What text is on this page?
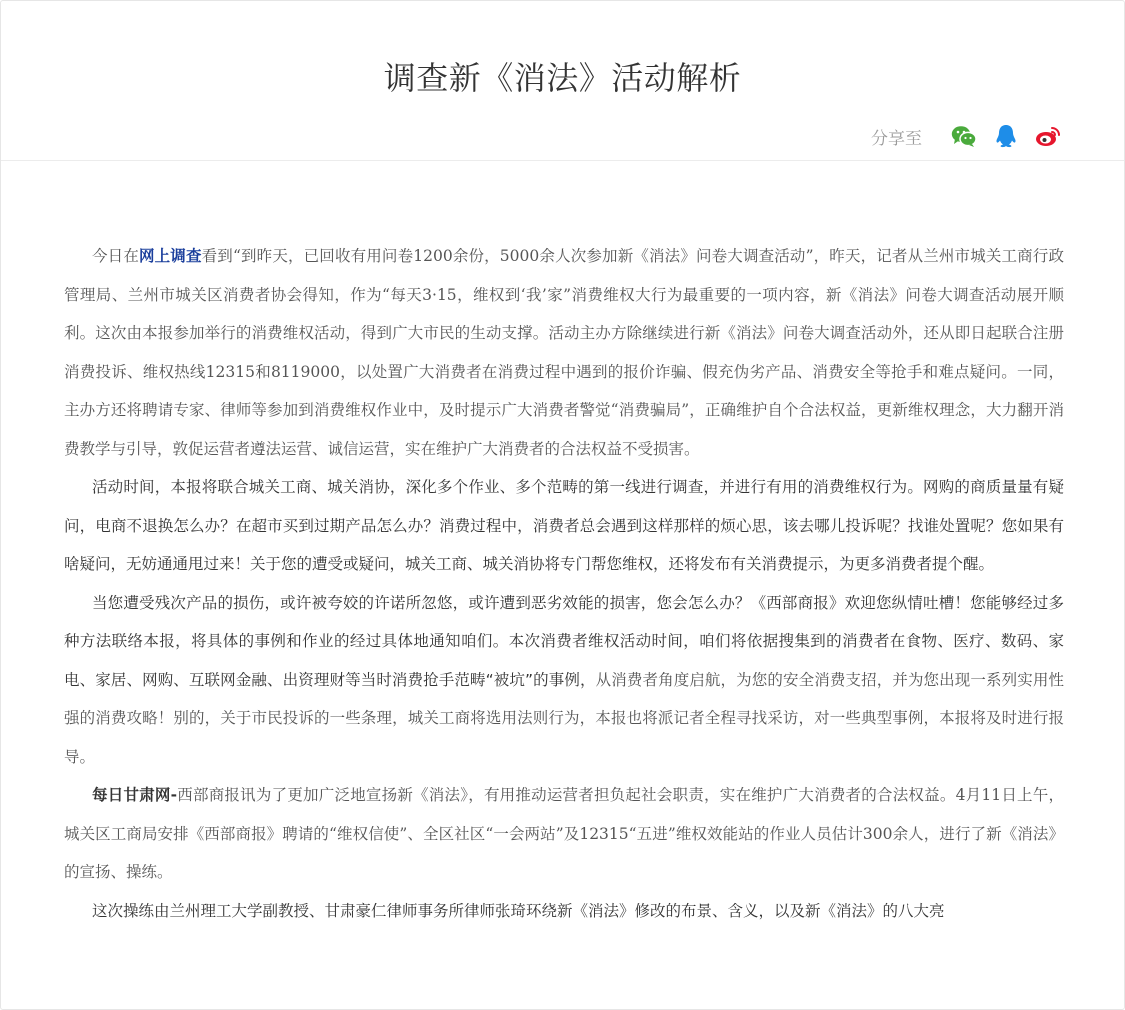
调查新《消法》活动解析
分享至

今日在网上调查看到“到昨天，已回收有用问卷1200余份，5000余人次参加新《消法》问卷大调查活动”，昨天，记者从兰州市城关工商行政管理局、兰州市城关区消费者协会得知，作为“每天3·15，维权到‘我’家”消费维权大行为最重要的一项内容，新《消法》问卷大调查活动展开顺利。这次由本报参加举行的消费维权活动，得到广大市民的生动支撑。活动主办方除继续进行新《消法》问卷大调查活动外，还从即日起联合注册消费投诉、维权热线12315和8119000，以处置广大消费者在消费过程中遇到的报价诈骗、假充伪劣产品、消费安全等抢手和难点疑问。一同，主办方还将聘请专家、律师等参加到消费维权作业中，及时提示广大消费者警觉“消费骗局”，正确维护自个合法权益，更新维权理念，大力翻开消费教学与引导，敦促运营者遵法运营、诚信运营，实在维护广大消费者的合法权益不受损害。

活动时间，本报将联合城关工商、城关消协，深化多个作业、多个范畴的第一线进行调查，并进行有用的消费维权行为。网购的商质量量有疑问，电商不退换怎么办？在超市买到过期产品怎么办？消费过程中，消费者总会遇到这样那样的烦心思，该去哪儿投诉呢？找谁处置呢？您如果有啥疑问，无妨通通甩过来！关于您的遭受或疑问，城关工商、城关消协将专门帮您维权，还将发布有关消费提示，为更多消费者提个醒。

当您遭受残次产品的损伤，或许被夸姣的许诺所忽悠，或许遭到恶劣效能的损害，您会怎么办？《西部商报》欢迎您纵情吐槽！您能够经过多种方法联络本报，将具体的事例和作业的经过具体地通知咱们。本次消费者维权活动时间，咱们将依据搜集到的消费者在食物、医疗、数码、家电、家居、网购、互联网金融、出资理财等当时消费抢手范畴“被坑”的事例，从消费者角度启航，为您的安全消费支招，并为您出现一系列实用性强的消费攻略！别的，关于市民投诉的一些条理，城关工商将选用法则行为，本报也将派记者全程寻找采访，对一些典型事例，本报将及时进行报导。

每日甘肃网-西部商报讯为了更加广泛地宣扬新《消法》，有用推动运营者担负起社会职责，实在维护广大消费者的合法权益。4月11日上午，城关区工商局安排《西部商报》聘请的“维权信使”、全区社区“一会两站”及12315“五进”维权效能站的作业人员估计300余人，进行了新《消法》的宣扬、操练。

这次操练由兰州理工大学副教授、甘肃豪仁律师事务所律师张琦环绕新《消法》修改的布景、含义，以及新《消法》的八大亮
